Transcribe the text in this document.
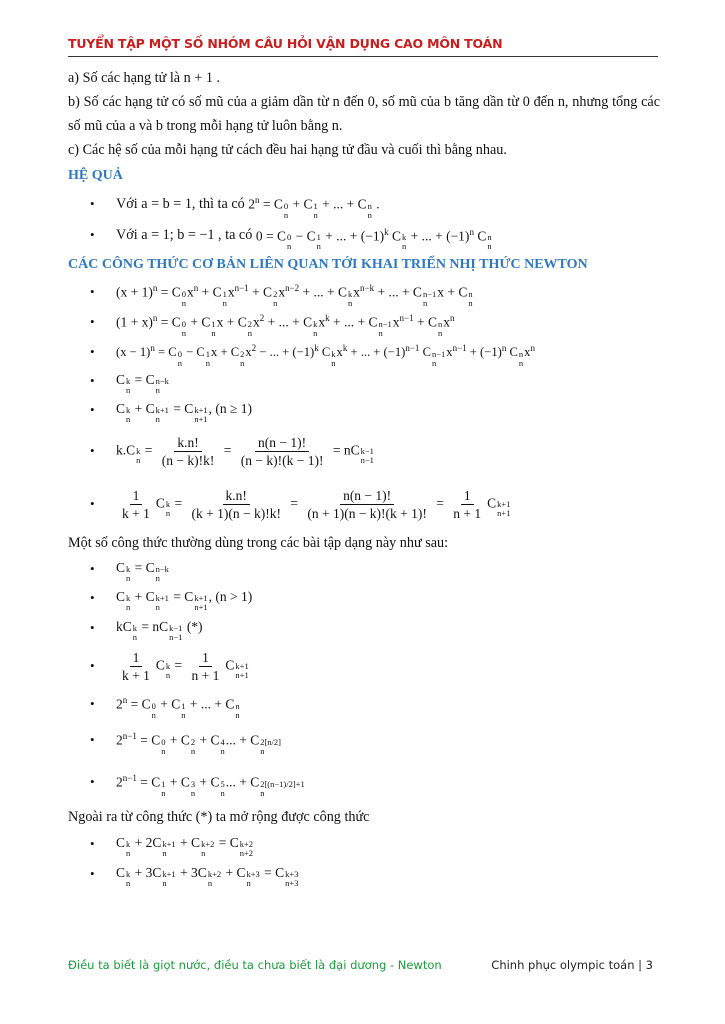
TUYỂN TẬP MỘT SỐ NHÓM CÂU HỎI VẬN DỤNG CAO MÔN TOÁN

a) Số các hạng tử là n + 1 .

b) Số các hạng tử có số mũ của a giảm dần từ n đến 0, số mũ của b tăng dần từ 0 đến n, nhưng tổng các số mũ của a và b trong mỗi hạng tử luôn bằng n.

c) Các hệ số của mỗi hạng tử cách đều hai hạng tử đầu và cuối thì bằng nhau.

HỆ QUẢ

• Với a = b = 1, thì ta có
$2^n = C$ 0
n
+ C 1
n
+ ... + C n
n
.
• Với a = 1; b = −1 , ta có
0 = C 0
n
− C 1
n
+ ... + $(-1)^k$ C k
n
+ ... + $(-1)^n$ C n
n

CÁC CÔNG THỨC CƠ BẢN LIÊN QUAN TỚI KHAI TRIỂN NHỊ THỨC NEWTON

• $(x + 1)^n = C$ 0
n
$x^n + C$ 1
n
$x^{n-1} + C$ 2
n
$x^{n-2}$ + ... + C k
n
$x^{n-k}$ + ... + C n−1
n
x + C n
n
• $(1 + x)^n = C$ 0
n
+ C 1
n
x + C 2
n
$x^2$ + ... + C k
n
$x^k$ + ... + C n−1
n
$x^{n-1} + C$ n
n
$x^n$
• $(x - 1)^n = C$ 0
n
− C 1
n
x + C 2
n
$x^2$ − ... + $(-1)^k$ C k
n
$x^k$ + ... + $(-1)^{n-1}$ C n−1
n
$x^{n-1} + (-1)^n$ C n
n
$x^n$
• C k
n
= C n−k
n
• C k
n
+ C k+1
n
= C k+1
n+1
, (n ≥ 1)
• k.C k
n
= $\frac{k.n!}{(n - k)!k!} = \frac{n(n - 1)!}{(n - k)!(k - 1)!}$ = nC k−1
n−1
• $\frac{1}{k + 1}$ C k
n
= $\frac{k.n!}{(k + 1)(n - k)!k!} = \frac{n(n - 1)!}{(n + 1)(n - k)!(k + 1)!} = \frac{1}{n + 1}$ C k+1
n+1

Một số công thức thường dùng trong các bài tập dạng này như sau:

• C k
n
= C n−k
n
• C k
n
+ C k+1
n
= C k+1
n+1
, (n > 1)
• kC k
n
= nC k−1
n−1
(*)
• $\frac{1}{k + 1}$ C k
n
= $\frac{1}{n + 1}$ C k+1
n+1
• $2^n = C$ 0
n
+ C 1
n
+ ... + C n
n
• $2^{n-1} = C$ 0
n
+ C 2
n
+ C 4
n
... + C 2[n/2]
n
• $2^{n-1} = C$ 1
n
+ C 3
n
+ C 5
n
... + C 2[(n−1)/2]+1
n

Ngoài ra từ công thức (*) ta mở rộng được công thức

• C k
n
+ 2C k+1
n
+ C k+2
n
= C k+2
n+2
• C k
n
+ 3C k+1
n
+ 3C k+2
n
+ C k+3
n
= C k+3
n+3
Điều ta biết là giọt nước, điều ta chưa biết là đại dương - Newton	Chinh phục olympic toán | 3
